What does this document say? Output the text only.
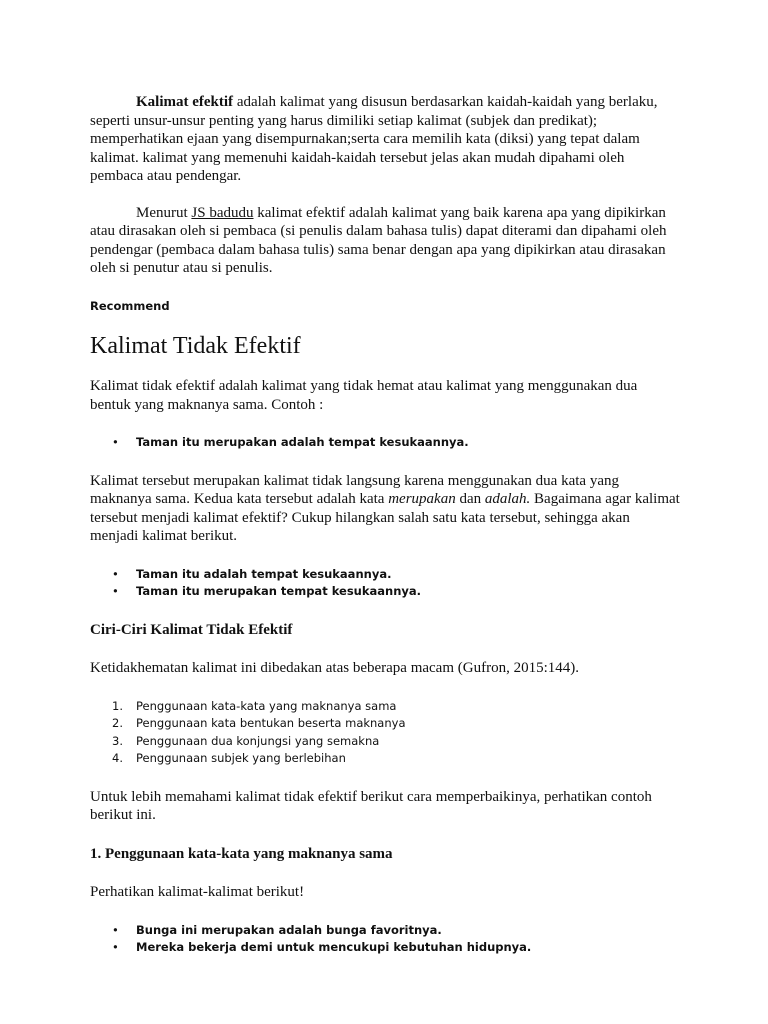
Kalimat efektif adalah kalimat yang disusun berdasarkan kaidah-kaidah yang berlaku, seperti unsur-unsur penting yang harus dimiliki setiap kalimat (subjek dan predikat); memperhatikan ejaan yang disempurnakan;serta cara memilih kata (diksi) yang tepat dalam kalimat. kalimat yang memenuhi kaidah-kaidah tersebut jelas akan mudah dipahami oleh pembaca atau pendengar.

Menurut JS badudu kalimat efektif adalah kalimat yang baik karena apa yang dipikirkan atau dirasakan oleh si pembaca (si penulis dalam bahasa tulis) dapat diterami dan dipahami oleh pendengar (pembaca dalam bahasa tulis) sama benar dengan apa yang dipikirkan atau dirasakan oleh si penutur atau si penulis.

Recommend

Kalimat Tidak Efektif

Kalimat tidak efektif adalah kalimat yang tidak hemat atau kalimat yang menggunakan dua bentuk yang maknanya sama. Contoh :

• Taman itu merupakan adalah tempat kesukaannya.

Kalimat tersebut merupakan kalimat tidak langsung karena menggunakan dua kata yang maknanya sama. Kedua kata tersebut adalah kata merupakan dan adalah. Bagaimana agar kalimat tersebut menjadi kalimat efektif? Cukup hilangkan salah satu kata tersebut, sehingga akan menjadi kalimat berikut.

• Taman itu adalah tempat kesukaannya.
• Taman itu merupakan tempat kesukaannya.
Ciri-Ciri Kalimat Tidak Efektif

Ketidakhematan kalimat ini dibedakan atas beberapa macam (Gufron, 2015:144).

1. Penggunaan kata-kata yang maknanya sama
2. Penggunaan kata bentukan beserta maknanya
3. Penggunaan dua konjungsi yang semakna
4. Penggunaan subjek yang berlebihan

Untuk lebih memahami kalimat tidak efektif berikut cara memperbaikinya, perhatikan contoh berikut ini.

1. Penggunaan kata-kata yang maknanya sama

Perhatikan kalimat-kalimat berikut!

• Bunga ini merupakan adalah bunga favoritnya.
• Mereka bekerja demi untuk mencukupi kebutuhan hidupnya.
